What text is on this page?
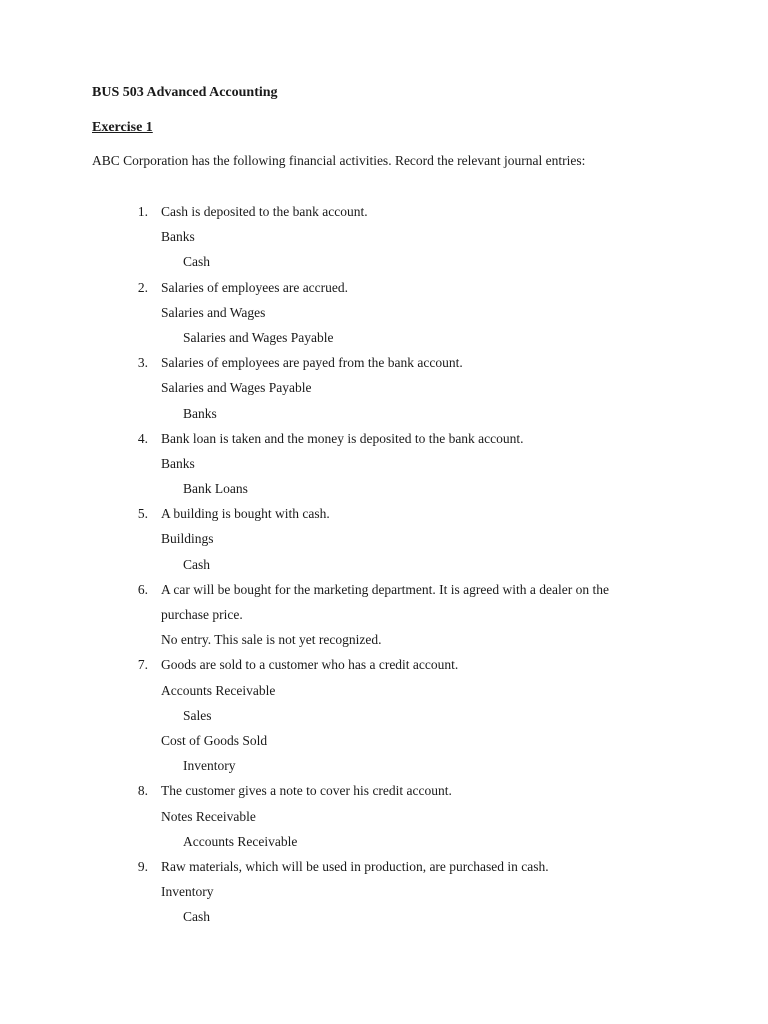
BUS 503 Advanced Accounting
Exercise 1
ABC Corporation has the following financial activities. Record the relevant journal entries:
1. Cash is deposited to the bank account.
Banks
Cash
2. Salaries of employees are accrued.
Salaries and Wages
Salaries and Wages Payable
3. Salaries of employees are payed from the bank account.
Salaries and Wages Payable
Banks
4. Bank loan is taken and the money is deposited to the bank account.
Banks
Bank Loans
5. A building is bought with cash.
Buildings
Cash
6. A car will be bought for the marketing department. It is agreed with a dealer on the
purchase price.
No entry. This sale is not yet recognized.
7. Goods are sold to a customer who has a credit account.
Accounts Receivable
Sales
Cost of Goods Sold
Inventory
8. The customer gives a note to cover his credit account.
Notes Receivable
Accounts Receivable
9. Raw materials, which will be used in production, are purchased in cash.
Inventory
Cash
